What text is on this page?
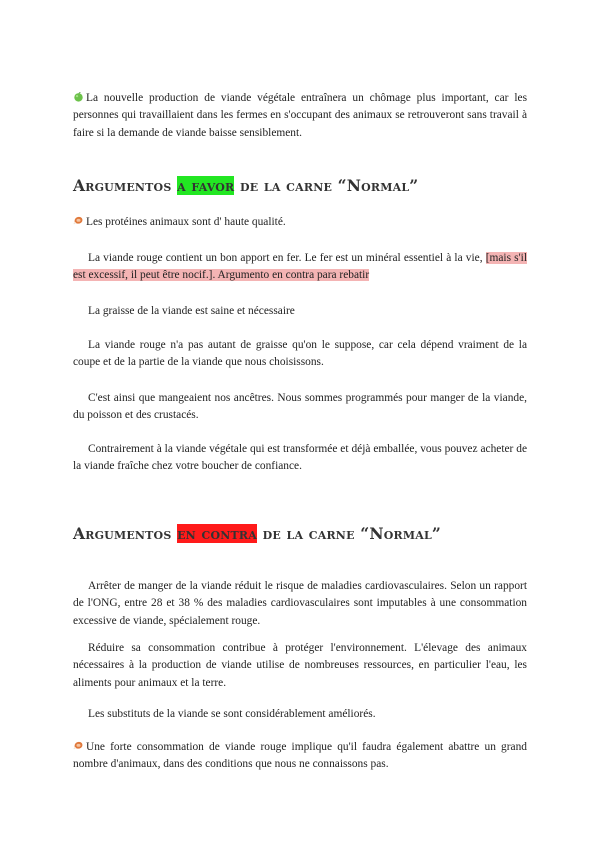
La nouvelle production de viande végétale entraînera un chômage plus important, car les personnes qui travaillaient dans les fermes en s'occupant des animaux se retrouveront sans travail à faire si la demande de viande baisse sensiblement.

Argumentos a favor de la carne “Normal”

Les protéines animaux sont d' haute qualité.

La viande rouge contient un bon apport en fer. Le fer est un minéral essentiel à la vie, [mais s'il est excessif, il peut être nocif.]. Argumento en contra para rebatir

La graisse de la viande est saine et nécessaire

La viande rouge n'a pas autant de graisse qu'on le suppose, car cela dépend vraiment de la coupe et de la partie de la viande que nous choisissons.

C'est ainsi que mangeaient nos ancêtres. Nous sommes programmés pour manger de la viande, du poisson et des crustacés.

Contrairement à la viande végétale qui est transformée et déjà emballée, vous pouvez acheter de la viande fraîche chez votre boucher de confiance.

Argumentos en contra de la carne “Normal”

Arrêter de manger de la viande réduit le risque de maladies cardiovasculaires. Selon un rapport de l'ONG, entre 28 et 38 % des maladies cardiovasculaires sont imputables à une consommation excessive de viande, spécialement rouge.

Réduire sa consommation contribue à protéger l'environnement. L'élevage des animaux nécessaires à la production de viande utilise de nombreuses ressources, en particulier l'eau, les aliments pour animaux et la terre.

Les substituts de la viande se sont considérablement améliorés.

Une forte consommation de viande rouge implique qu'il faudra également abattre un grand nombre d'animaux, dans des conditions que nous ne connaissons pas.
